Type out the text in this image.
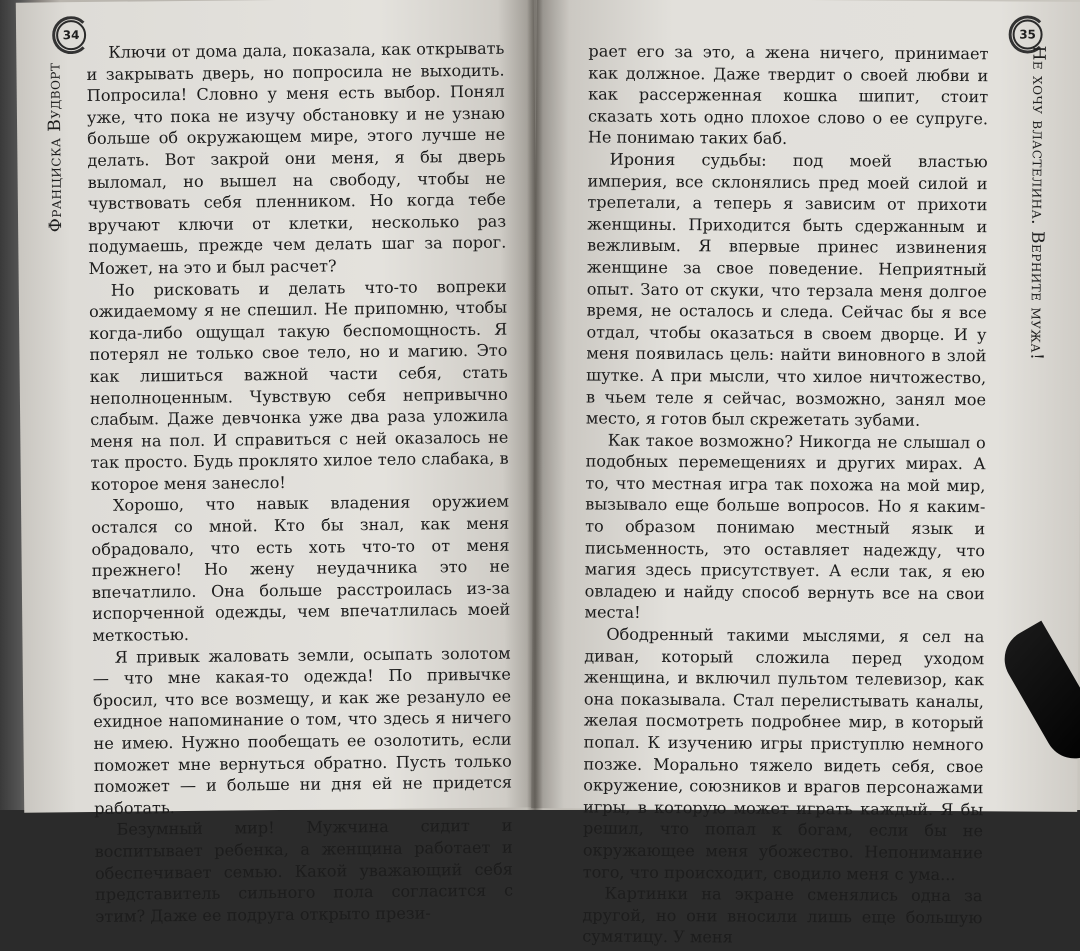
34
Франциска Вудворт

Ключи от дома дала, показала, как открывать и закрывать дверь, но попросила не выходить. Попросила! Словно у меня есть выбор. Понял уже, что пока не изучу обстановку и не узнаю больше об окружающем мире, этого лучше не делать. Вот закрой они меня, я бы дверь выломал, но вышел на свободу, чтобы не чувствовать себя пленником. Но когда тебе вручают ключи от клетки, несколько раз подумаешь, прежде чем делать шаг за порог. Может, на это и был расчет?

Но рисковать и делать что-то вопреки ожидаемому я не спешил. Не припомню, чтобы когда-либо ощущал такую беспомощность. Я потерял не только свое тело, но и магию. Это как лишиться важной части себя, стать неполноценным. Чувствую себя непривычно слабым. Даже девчонка уже два раза уложила меня на пол. И справиться с ней оказалось не так просто. Будь проклято хилое тело слабака, в которое меня занесло!

Хорошо, что навык владения оружием остался со мной. Кто бы знал, как меня обрадовало, что есть хоть что-то от меня прежнего! Но жену неудачника это не впечатлило. Она больше расстроилась из-за испорченной одежды, чем впечатлилась моей меткостью.

Я привык жаловать земли, осыпать золотом — что мне какая-то одежда! По привычке бросил, что все возмещу, и как же резануло ее ехидное напоминание о том, что здесь я ничего не имею. Нужно пообещать ее озолотить, если поможет мне вернуться обратно. Пусть только поможет — и больше ни дня ей не придется работать.

Безумный мир! Мужчина сидит и воспитывает ребенка, а женщина работает и обеспечивает семью. Какой уважающий себя представитель сильного пола согласится с этим? Даже ее подруга открыто прези-

35
Не хочу властелина. Верните мужа!

рает его за это, а жена ничего, принимает как должное. Даже твердит о своей любви и как рассерженная кошка шипит, стоит сказать хоть одно плохое слово о ее супруге. Не понимаю таких баб.

Ирония судьбы: под моей властью империя, все склонялись пред моей силой и трепетали, а теперь я зависим от прихоти женщины. Приходится быть сдержанным и вежливым. Я впервые принес извинения женщине за свое поведение. Неприятный опыт. Зато от скуки, что терзала меня долгое время, не осталось и следа. Сейчас бы я все отдал, чтобы оказаться в своем дворце. И у меня появилась цель: найти виновного в злой шутке. А при мысли, что хилое ничтожество, в чьем теле я сейчас, возможно, занял мое место, я готов был скрежетать зубами.

Как такое возможно? Никогда не слышал о подобных перемещениях и других мирах. А то, что местная игра так похожа на мой мир, вызывало еще больше вопросов. Но я каким-то образом понимаю местный язык и письменность, это оставляет надежду, что магия здесь присутствует. А если так, я ею овладею и найду способ вернуть все на свои места!

Ободренный такими мыслями, я сел на диван, который сложила перед уходом женщина, и включил пультом телевизор, как она показывала. Стал перелистывать каналы, желая посмотреть подробнее мир, в который попал. К изучению игры приступлю немного позже. Морально тяжело видеть себя, свое окружение, союзников и врагов персонажами игры, в которую может играть каждый. Я бы решил, что попал к богам, если бы не окружающее меня убожество. Непонимание того, что происходит, сводило меня с ума...

Картинки на экране сменялись одна за другой, но они вносили лишь еще большую сумятицу. У меня
